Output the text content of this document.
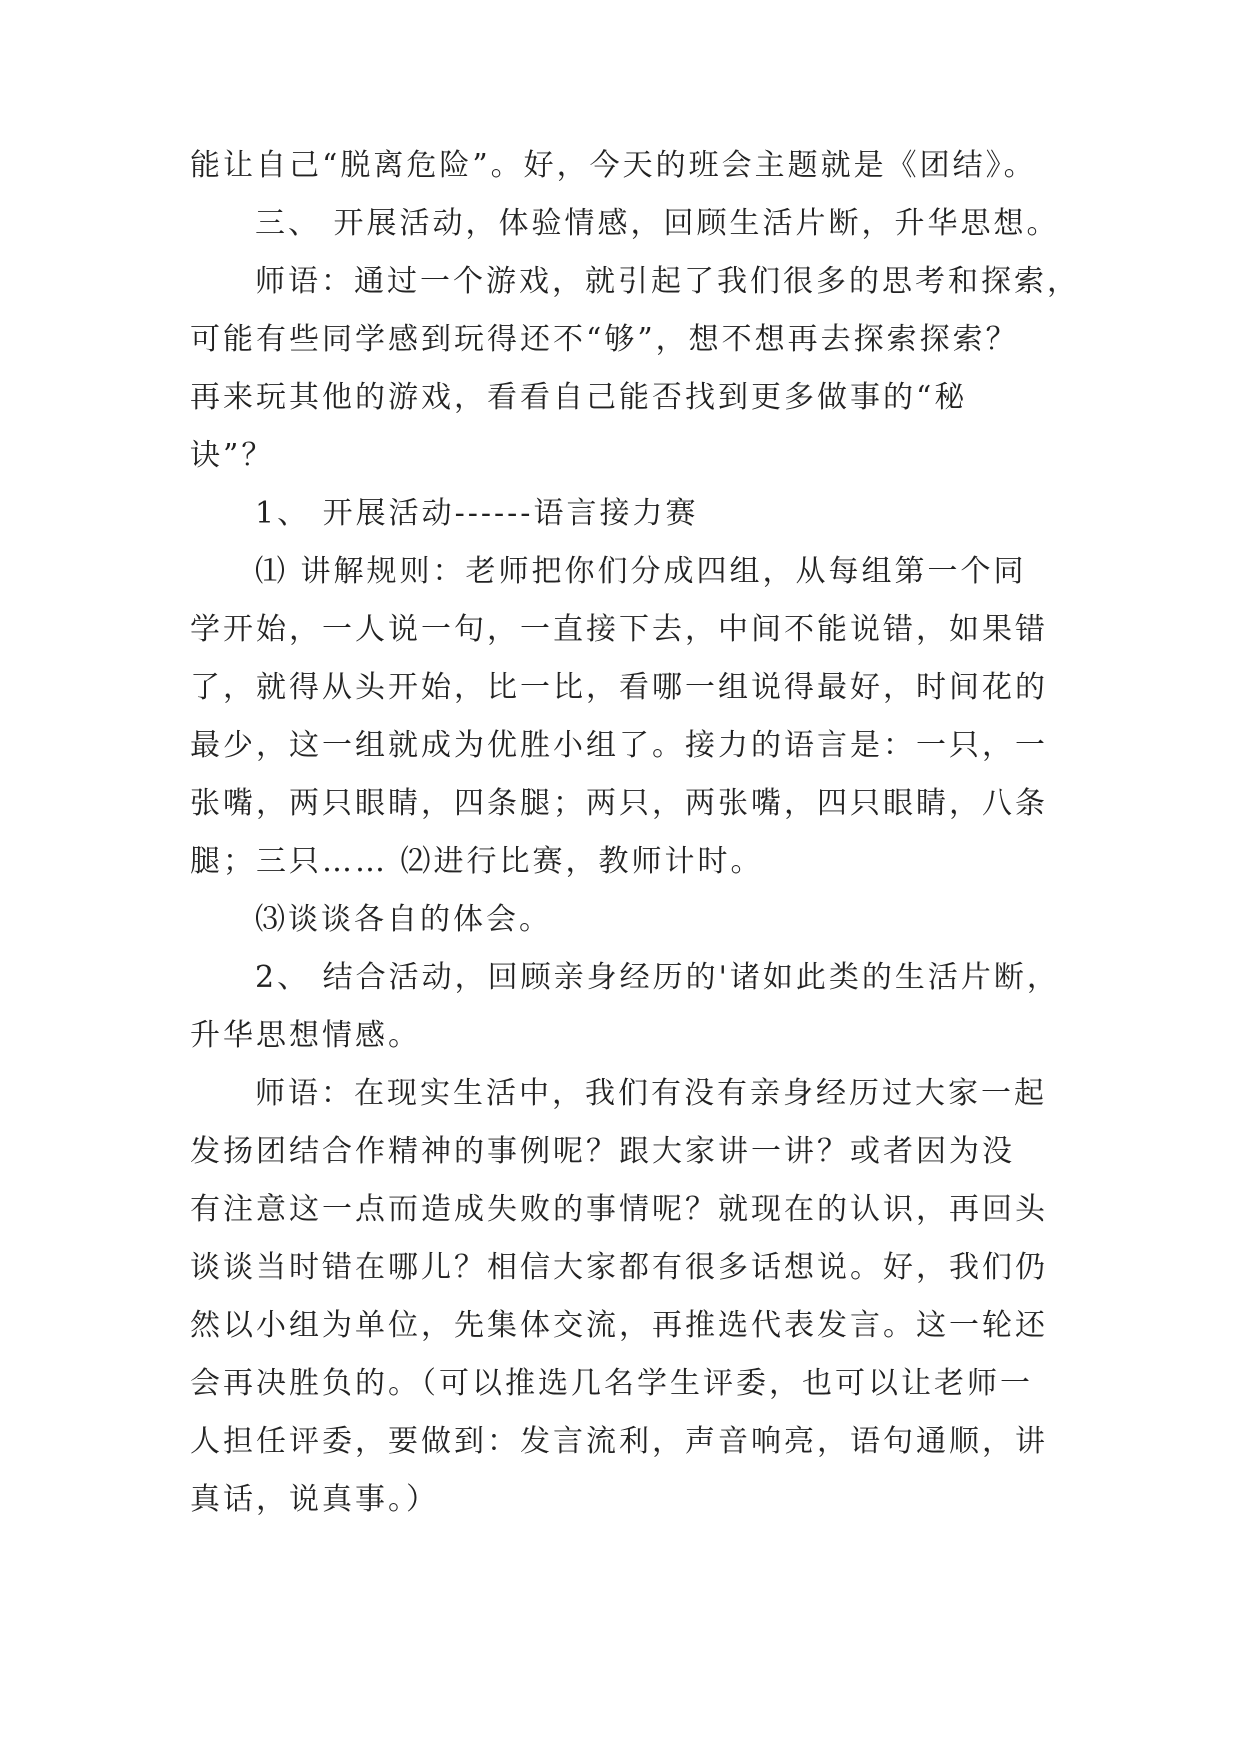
能让自己“脱离危险”。好，今天的班会主题就是《团结》。
三、 开展活动，体验情感，回顾生活片断，升华思想。
师语：通过一个游戏，就引起了我们很多的思考和探索，
可能有些同学感到玩得还不“够”，想不想再去探索探索？
再来玩其他的游戏，看看自己能否找到更多做事的“秘
诀”？
1、 开展活动------语言接力赛
⑴ 讲解规则：老师把你们分成四组，从每组第一个同
学开始，一人说一句，一直接下去，中间不能说错，如果错
了，就得从头开始，比一比，看哪一组说得最好，时间花的
最少，这一组就成为优胜小组了。接力的语言是：一只，一
张嘴，两只眼睛，四条腿；两只，两张嘴，四只眼睛，八条
腿；三只…… ⑵进行比赛，教师计时。
⑶谈谈各自的体会。
2、 结合活动，回顾亲身经历的'诸如此类的生活片断，
升华思想情感。
师语：在现实生活中，我们有没有亲身经历过大家一起
发扬团结合作精神的事例呢？跟大家讲一讲？或者因为没
有注意这一点而造成失败的事情呢？就现在的认识，再回头
谈谈当时错在哪儿？相信大家都有很多话想说。好，我们仍
然以小组为单位，先集体交流，再推选代表发言。这一轮还
会再决胜负的。（可以推选几名学生评委，也可以让老师一
人担任评委，要做到：发言流利，声音响亮，语句通顺，讲
真话，说真事。）
